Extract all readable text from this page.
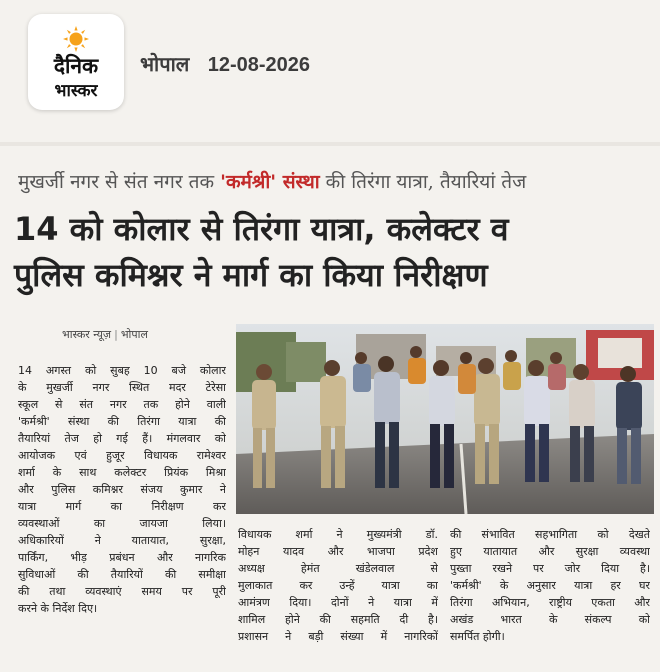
दैनिक
भास्कर
भोपाल 12-08-2026
मुखर्जी नगर से संत नगर तक 'कर्मश्री' संस्था की तिरंगा यात्रा, तैयारियां तेज
14 को कोलार से तिरंगा यात्रा, कलेक्टर व
पुलिस कमिश्नर ने मार्ग का किया निरीक्षण
भास्कर न्यूज़ | भोपाल
14 अगस्त को सुबह 10 बजे कोलार
के मुखर्जी नगर स्थित मदर टेरेसा
स्कूल से संत नगर तक होने वाली
'कर्मश्री' संस्था की तिरंगा यात्रा की
तैयारियां तेज हो गई हैं। मंगलवार को
आयोजक एवं हुजूर विधायक रामेश्वर
शर्मा के साथ कलेक्टर प्रियंक मिश्रा
और पुलिस कमिश्नर संजय कुमार ने
यात्रा मार्ग का निरीक्षण कर
व्यवस्थाओं का जायजा लिया।
अधिकारियों ने यातायात, सुरक्षा,
पार्किंग, भीड़ प्रबंधन और नागरिक
सुविधाओं की तैयारियों की समीक्षा
की तथा व्यवस्थाएं समय पर पूरी
करने के निर्देश दिए।
विधायक शर्मा ने मुख्यमंत्री डॉ.
मोहन यादव और भाजपा प्रदेश
अध्यक्ष हेमंत खंडेलवाल से
मुलाकात कर उन्हें यात्रा का
आमंत्रण दिया। दोनों ने यात्रा में
शामिल होने की सहमति दी है।
प्रशासन ने बड़ी संख्या में नागरिकों
की संभावित सहभागिता को देखते
हुए यातायात और सुरक्षा व्यवस्था
पुख्ता रखने पर जोर दिया है।
'कर्मश्री' के अनुसार यात्रा हर घर
तिरंगा अभियान, राष्ट्रीय एकता और
अखंड भारत के संकल्प को
समर्पित होगी।
